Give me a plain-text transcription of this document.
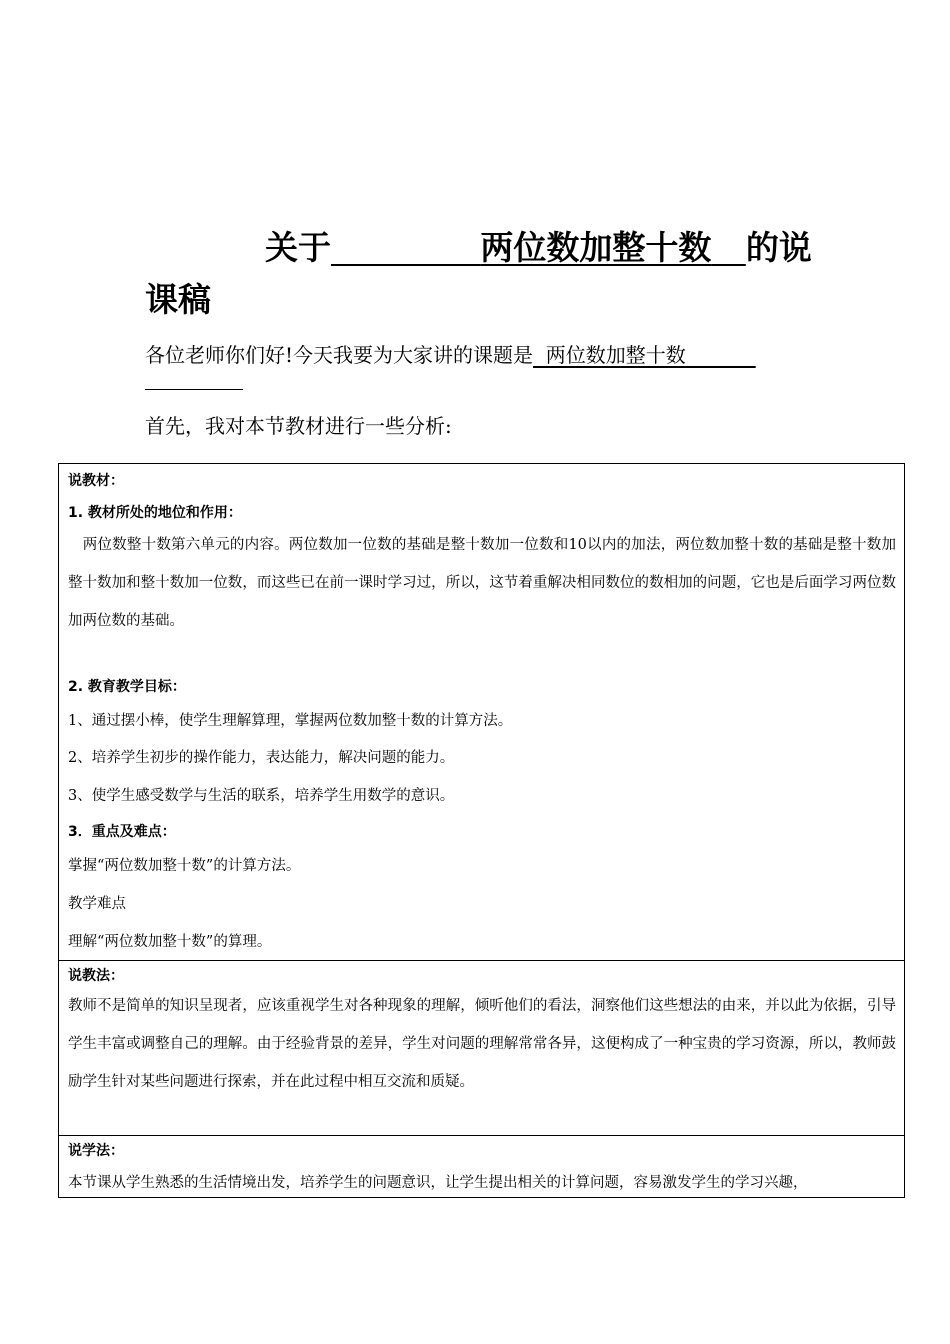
关于	两位数加整十数 的说
课稿
各位老师你们好!今天我要为大家讲的课题是  两位数加整十数
首先，我对本节教材进行一些分析:
说教材：
1. 教材所处的地位和作用：
　两位数整十数第六单元的内容。两位数加一位数的基础是整十数加一位数和10以内的加法，两位数加整十数的基础是整十数加整十数加和整十数加一位数，而这些已在前一课时学习过，所以，这节着重解决相同数位的数相加的问题，它也是后面学习两位数加两位数的基础。
2. 教育教学目标：
1、通过摆小棒，使学生理解算理，掌握两位数加整十数的计算方法。
2、培养学生初步的操作能力，表达能力，解决问题的能力。
3、使学生感受数学与生活的联系，培养学生用数学的意识。
3．重点及难点：
掌握“两位数加整十数”的计算方法。
教学难点
理解“两位数加整十数”的算理。
说教法：
教师不是简单的知识呈现者，应该重视学生对各种现象的理解，倾听他们的看法，洞察他们这些想法的由来，并以此为依据，引导学生丰富或调整自己的理解。由于经验背景的差异，学生对问题的理解常常各异，这便构成了一种宝贵的学习资源，所以，教师鼓励学生针对某些问题进行探索，并在此过程中相互交流和质疑。
说学法：
本节课从学生熟悉的生活情境出发，培养学生的问题意识，让学生提出相关的计算问题，容易激发学生的学习兴趣，
